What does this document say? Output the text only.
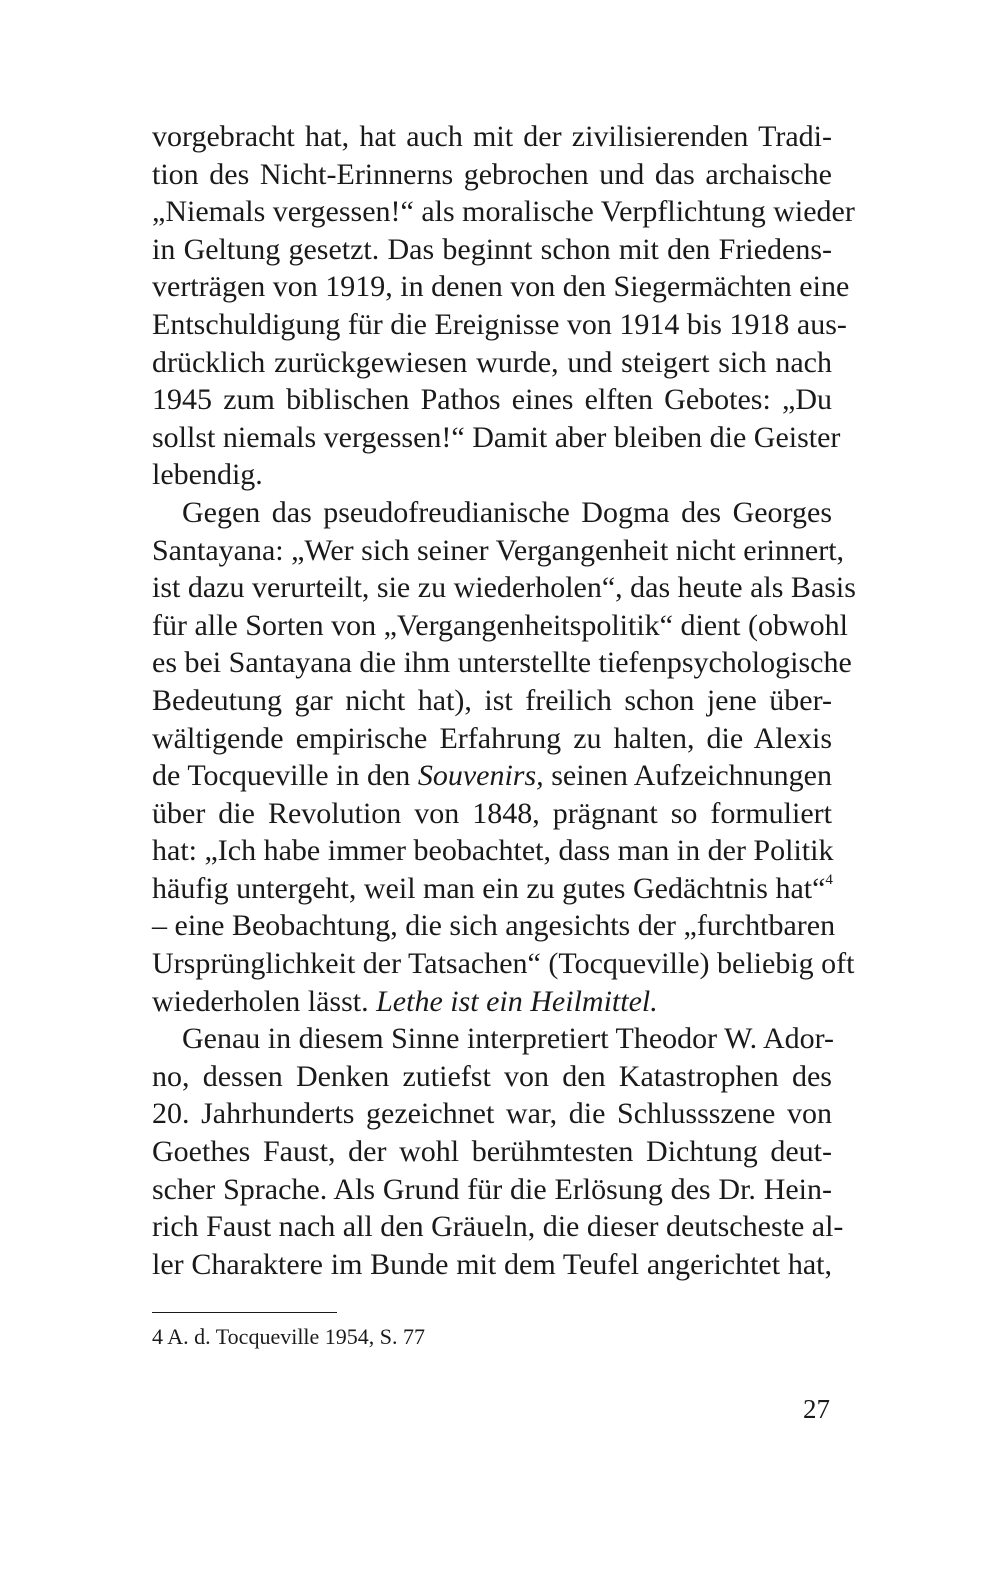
vorgebracht hat, hat auch mit der zivilisierenden Tradi-
tion des Nicht-Erinnerns gebrochen und das archaische
„Niemals vergessen!“ als moralische Verpflichtung wieder
in Geltung gesetzt. Das beginnt schon mit den Friedens-
verträgen von 1919, in denen von den Siegermächten eine
Entschuldigung für die Ereignisse von 1914 bis 1918 aus-
drücklich zurückgewiesen wurde, und steigert sich nach
1945 zum biblischen Pathos eines elften Gebotes: „Du
sollst niemals vergessen!“ Damit aber bleiben die Geister
lebendig.
Gegen das pseudofreudianische Dogma des Georges
Santayana: „Wer sich seiner Vergangenheit nicht erinnert,
ist dazu verurteilt, sie zu wiederholen“, das heute als Basis
für alle Sorten von „Vergangenheitspolitik“ dient (obwohl
es bei Santayana die ihm unterstellte tiefenpsychologische
Bedeutung gar nicht hat), ist freilich schon jene über-
wältigende empirische Erfahrung zu halten, die Alexis
de Tocqueville in den Souvenirs, seinen Aufzeichnungen
über die Revolution von 1848, prägnant so formuliert
hat: „Ich habe immer beobachtet, dass man in der Politik
häufig untergeht, weil man ein zu gutes Gedächtnis hat“$^4$
– eine Beobachtung, die sich angesichts der „furchtbaren
Ursprünglichkeit der Tatsachen“ (Tocqueville) beliebig oft
wiederholen lässt. Lethe ist ein Heilmittel.
Genau in diesem Sinne interpretiert Theodor W. Ador-
no, dessen Denken zutiefst von den Katastrophen des
20. Jahrhunderts gezeichnet war, die Schlussszene von
Goethes Faust, der wohl berühmtesten Dichtung deut-
scher Sprache. Als Grund für die Erlösung des Dr. Hein-
rich Faust nach all den Gräueln, die dieser deutscheste al-
ler Charaktere im Bunde mit dem Teufel angerichtet hat,
4 A. d. Tocqueville 1954, S. 77
27
